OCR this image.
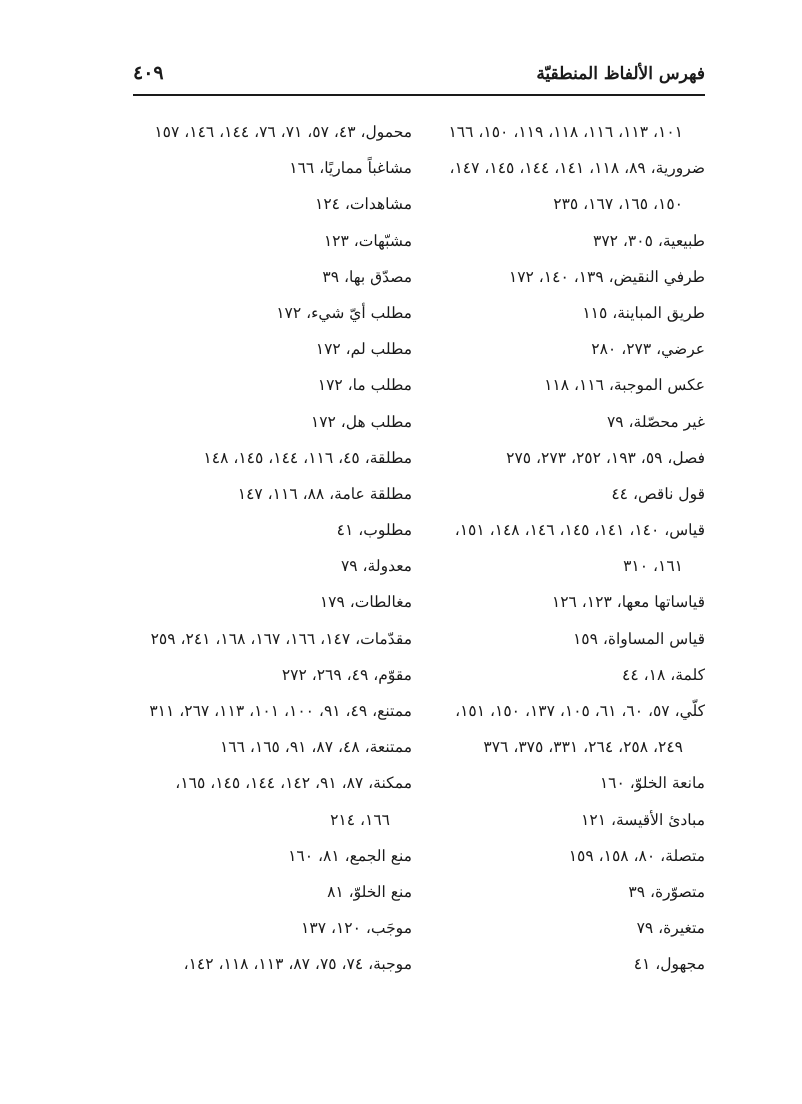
فهرس الألفاظ المنطقيّة
٤٠٩
١٠١، ١١٣، ١١٦، ١١٨، ١١٩، ١٥٠، ١٦٦
ضرورية، ٨٩، ١١٨، ١٤١، ١٤٤، ١٤٥، ١٤٧،
١٥٠، ١٦٥، ١٦٧، ٢٣٥
طبيعية، ٣٠٥، ٣٧٢
طرفي النقيض، ١٣٩، ١٤٠، ١٧٢
طريق المباينة، ١١٥
عرضي، ٢٧٣، ٢٨٠
عكس الموجبة، ١١٦، ١١٨
غير محصّلة، ٧٩
فصل، ٥٩، ١٩٣، ٢٥٢، ٢٧٣، ٢٧٥
قول ناقص، ٤٤
قياس، ١٤٠، ١٤١، ١٤٥، ١٤٦، ١٤٨، ١٥١،
١٦١، ٣١٠
قياساتها معها، ١٢٣، ١٢٦
قياس المساواة، ١٥٩
كلمة، ١٨، ٤٤
كلّي، ٥٧، ٦٠، ٦١، ١٠٥، ١٣٧، ١٥٠، ١٥١،
٢٤٩، ٢٥٨، ٢٦٤، ٣٣١، ٣٧٥، ٣٧٦
مانعة الخلوّ، ١٦٠
مبادئ الأقيسة، ١٢١
متصلة، ٨٠، ١٥٨، ١٥٩
متصوّرة، ٣٩
متغيرة، ٧٩
مجهول، ٤١
محمول، ٤٣، ٥٧، ٧١، ٧٦، ١٤٤، ١٤٦، ١٥٧
مشاغباً مماريًا، ١٦٦
مشاهدات، ١٢٤
مشبّهات، ١٢٣
مصدّق بها، ٣٩
مطلب أيّ شيء، ١٧٢
مطلب لم، ١٧٢
مطلب ما، ١٧٢
مطلب هل، ١٧٢
مطلقة، ٤٥، ١١٦، ١٤٤، ١٤٥، ١٤٨
مطلقة عامة، ٨٨، ١١٦، ١٤٧
مطلوب، ٤١
معدولة، ٧٩
مغالطات، ١٧٩
مقدّمات، ١٤٧، ١٦٦، ١٦٧، ١٦٨، ٢٤١، ٢٥٩
مقوّم، ٤٩، ٢٦٩، ٢٧٢
ممتنع، ٤٩، ٩١، ١٠٠، ١٠١، ١١٣، ٢٦٧، ٣١١
ممتنعة، ٤٨، ٨٧، ٩١، ١٦٥، ١٦٦
ممكنة، ٨٧، ٩١، ١٤٢، ١٤٤، ١٤٥، ١٦٥،
١٦٦، ٢١٤
منع الجمع، ٨١، ١٦٠
منع الخلوّ، ٨١
موجَب، ١٢٠، ١٣٧
موجبة، ٧٤، ٧٥، ٨٧، ١١٣، ١١٨، ١٤٢،
